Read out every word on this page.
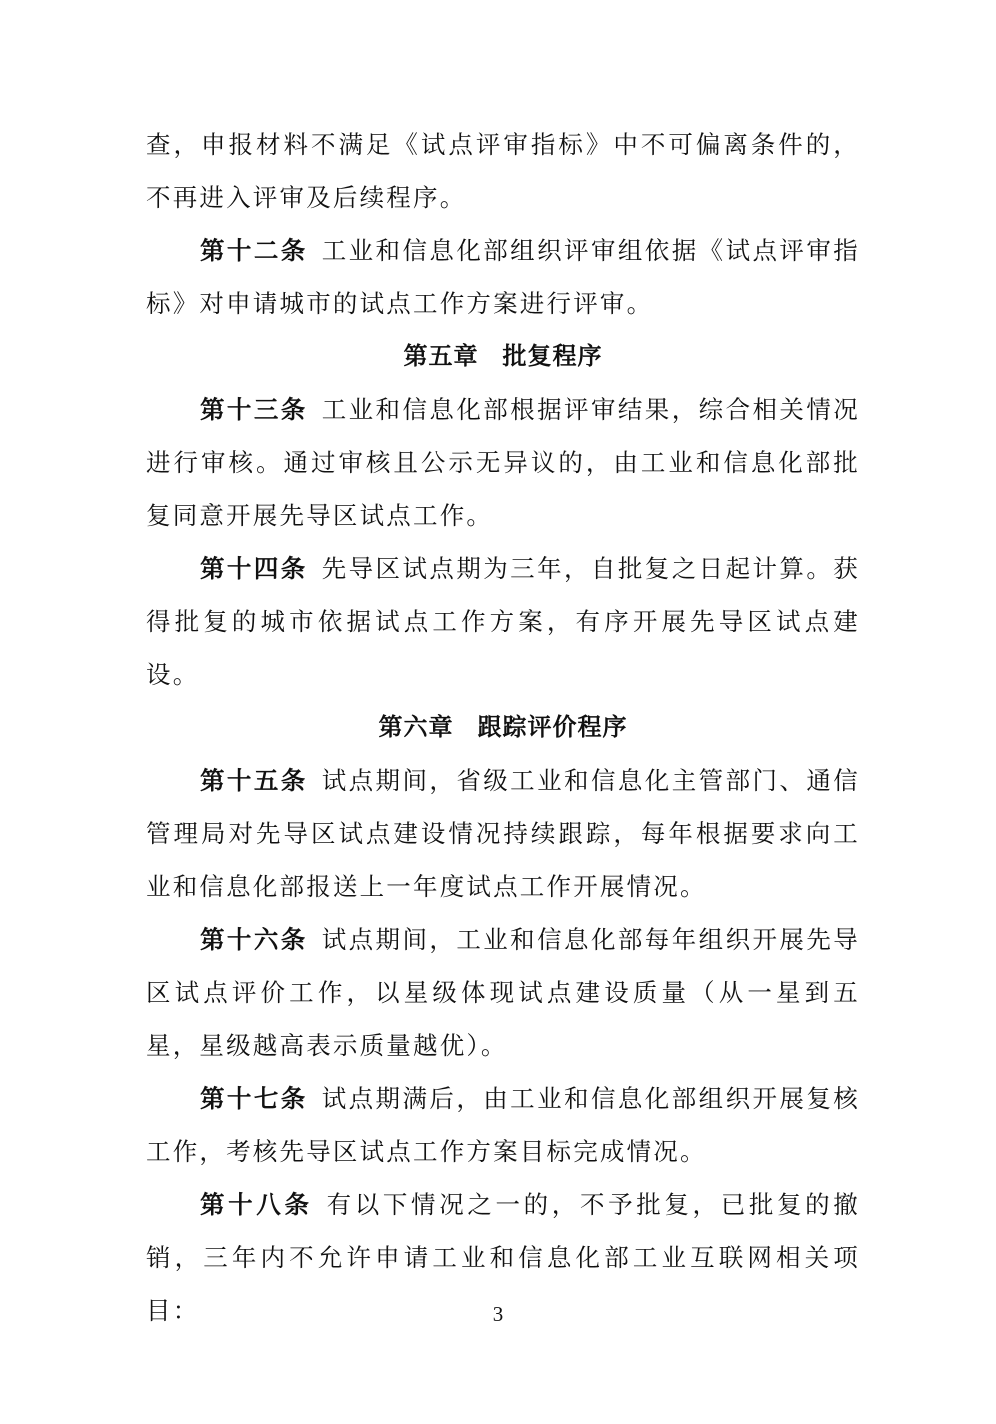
查，申报材料不满足《试点评审指标》中不可偏离条件的，不再进入评审及后续程序。

第十二条 工业和信息化部组织评审组依据《试点评审指标》对申请城市的试点工作方案进行评审。

第五章 批复程序

第十三条 工业和信息化部根据评审结果，综合相关情况进行审核。通过审核且公示无异议的，由工业和信息化部批复同意开展先导区试点工作。

第十四条 先导区试点期为三年，自批复之日起计算。获得批复的城市依据试点工作方案，有序开展先导区试点建设。

第六章 跟踪评价程序

第十五条 试点期间，省级工业和信息化主管部门、通信管理局对先导区试点建设情况持续跟踪，每年根据要求向工业和信息化部报送上一年度试点工作开展情况。

第十六条 试点期间，工业和信息化部每年组织开展先导区试点评价工作，以星级体现试点建设质量（从一星到五星，星级越高表示质量越优）。

第十七条 试点期满后，由工业和信息化部组织开展复核工作，考核先导区试点工作方案目标完成情况。

第十八条 有以下情况之一的，不予批复，已批复的撤销，三年内不允许申请工业和信息化部工业互联网相关项目：	3
